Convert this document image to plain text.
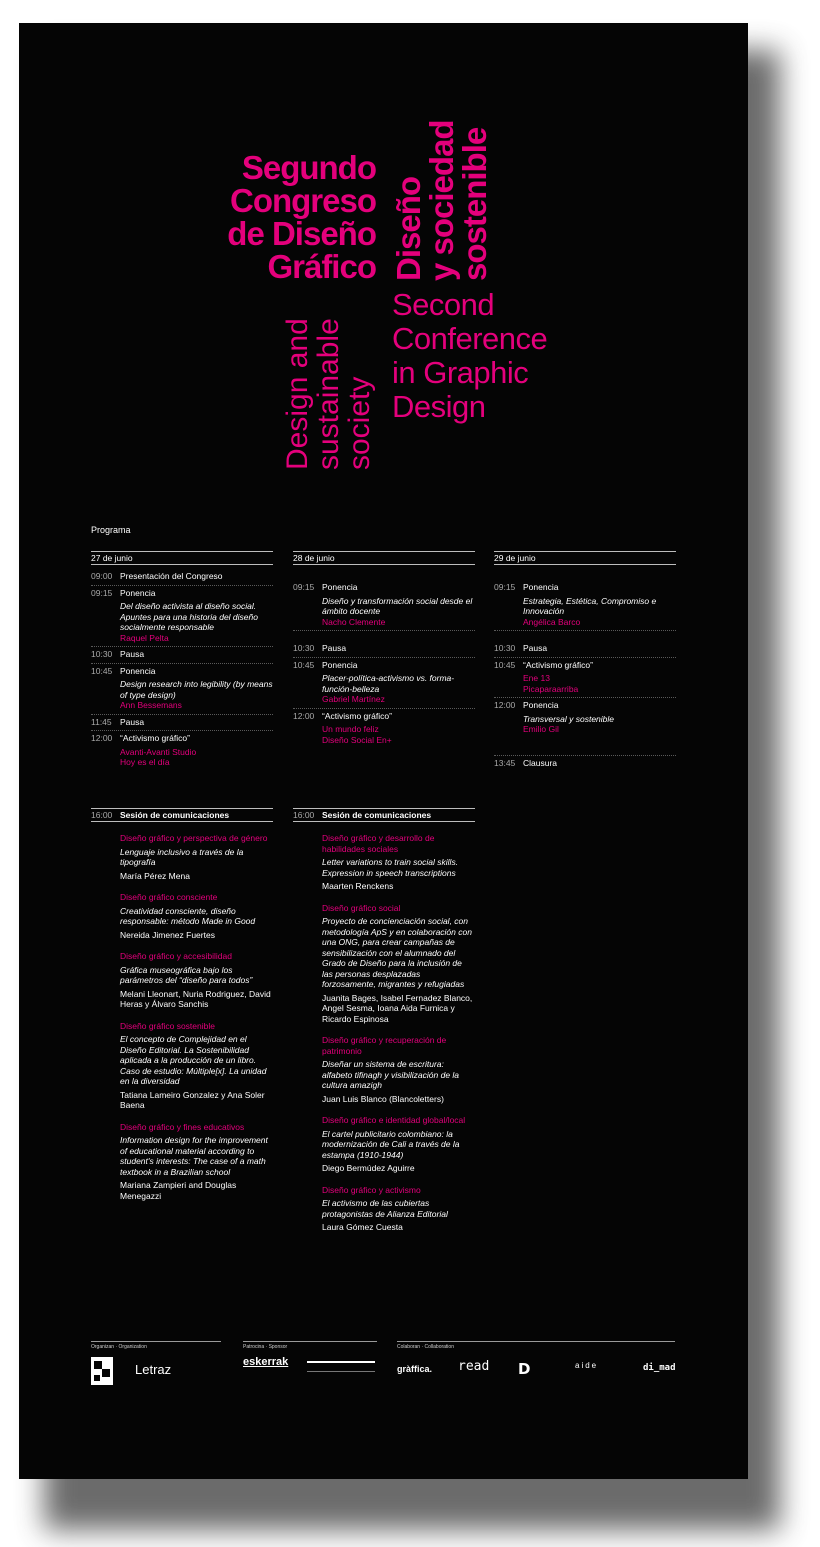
Segundo
Congreso
de Diseño
Gráfico Diseño
y sociedad
sostenible
Design and
sustainable
society
Second
Conference
in Graphic
Design
Programa
27 de junio
09:00 Presentación del Congreso
09:15 Ponencia
Del diseño activista al diseño social. Apuntes para una historia del diseño socialmente responsable
Raquel Pelta
10:30 Pausa
10:45 Ponencia
Design research into legibility (by means of type design)
Ann Bessemans
11:45 Pausa
12:00 “Activismo gráfico”
Avanti-Avanti Studio
Hoy es el día
28 de junio
09:15 Ponencia
Diseño y transformación social desde el ámbito docente
Nacho Clemente
10:30 Pausa
10:45 Ponencia
Placer-política-activismo vs. forma-función-belleza
Gabriel Martínez
12:00 “Activismo gráfico”
Un mundo feliz
Diseño Social En+
29 de junio
09:15 Ponencia
Estrategia, Estética, Compromiso e Innovación
Angélica Barco
10:30 Pausa
10:45 “Activismo gráfico”
Ene 13
Picaparaarriba
12:00 Ponencia
Transversal y sostenible
Emilio Gil
13:45 Clausura
16:00 Sesión de comunicaciones
Diseño gráfico y perspectiva de género
Lenguaje inclusivo a través de la tipografía
María Pérez Mena
Diseño gráfico consciente
Creatividad consciente, diseño responsable: método Made in Good
Nereida Jimenez Fuertes
Diseño gráfico y accesibilidad
Gráfica museográfica bajo los parámetros del “diseño para todos”
Melani Lleonart, Nuria Rodriguez, David Heras y Álvaro Sanchis
Diseño gráfico sostenible
El concepto de Complejidad en el Diseño Editorial. La Sostenibilidad aplicada a la producción de un libro. Caso de estudio: Múltiple[x]. La unidad en la diversidad
Tatiana Lameiro Gonzalez y Ana Soler Baena
Diseño gráfico y fines educativos
Information design for the improvement of educational material according to student's interests: The case of a math textbook in a Brazilian school
Mariana Zampieri and Douglas Menegazzi
16:00 Sesión de comunicaciones
Diseño gráfico y desarrollo de habilidades sociales
Letter variations to train social skills. Expression in speech transcriptions
Maarten Renckens
Diseño gráfico social
Proyecto de concienciación social, con metodología ApS y en colaboración con una ONG, para crear campañas de sensibilización con el alumnado del Grado de Diseño para la inclusión de las personas desplazadas forzosamente, migrantes y refugiadas
Juanita Bages, Isabel Fernadez Blanco, Angel Sesma, Ioana Aida Furnica y Ricardo Espinosa
Diseño gráfico y recuperación de patrimonio
Diseñar un sistema de escritura: alfabeto tifinagh y visibilización de la cultura amazigh
Juan Luis Blanco (Blancoletters)
Diseño gráfico e identidad global/local
El cartel publicitario colombiano: la modernización de Cali a través de la estampa (1910-1944)
Diego Bermúdez Aguirre
Diseño gráfico y activismo
El activismo de las cubiertas protagonistas de Alianza Editorial
Laura Gómez Cuesta
Organizan · Organization	Patrocina · Sponsor	Colaboran · Collaboration
Letraz	eskerrak
gràffica. read D	aide	di_mad
